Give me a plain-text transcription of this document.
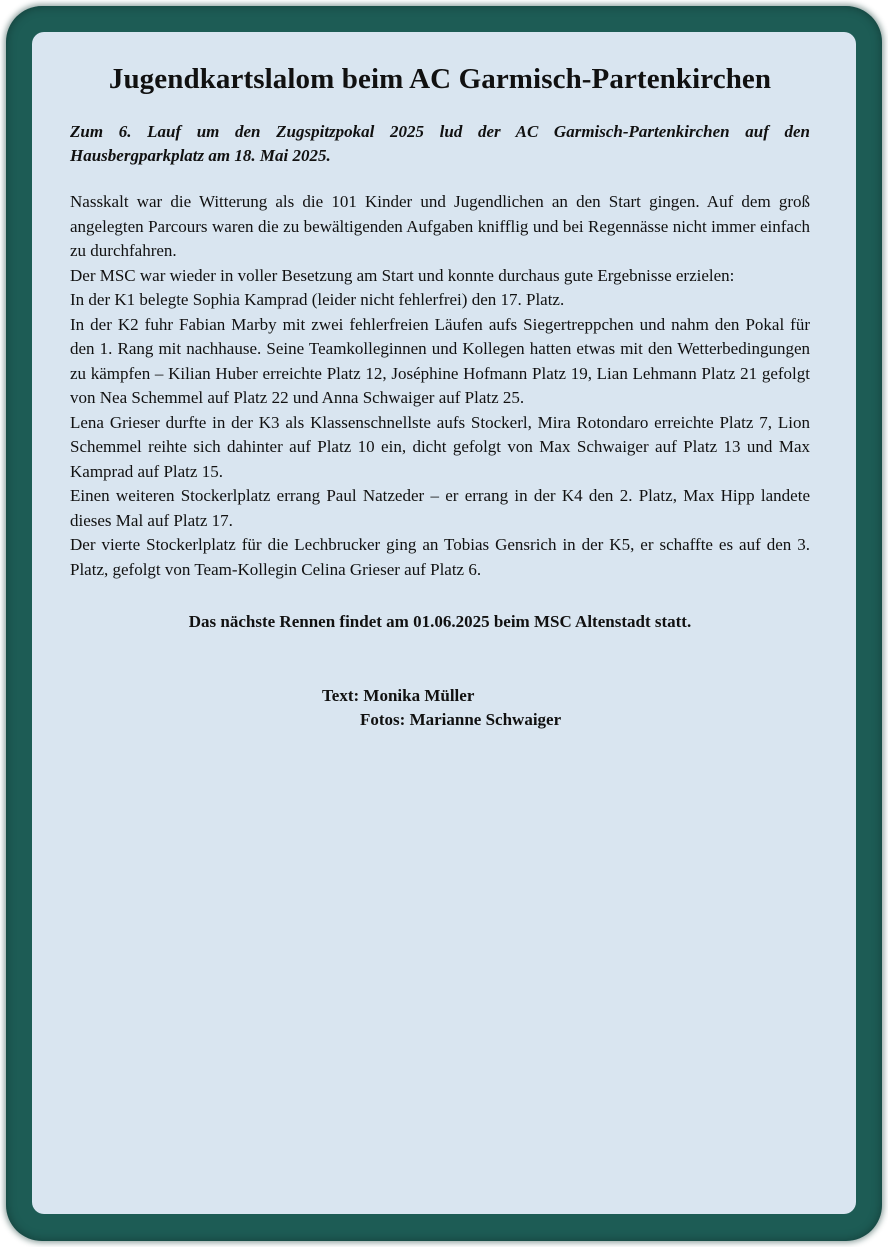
Jugendkartslalom beim AC Garmisch-Partenkirchen

Zum 6. Lauf um den Zugspitzpokal 2025 lud der AC Garmisch-Partenkirchen auf den Hausbergparkplatz am 18. Mai 2025.

Nasskalt war die Witterung als die 101 Kinder und Jugendlichen an den Start gingen. Auf dem groß angelegten Parcours waren die zu bewältigenden Aufgaben knifflig und bei Regennässe nicht immer einfach zu durchfahren.

Der MSC war wieder in voller Besetzung am Start und konnte durchaus gute Ergebnisse erzielen:

In der K1 belegte Sophia Kamprad (leider nicht fehlerfrei) den 17. Platz.

In der K2 fuhr Fabian Marby mit zwei fehlerfreien Läufen aufs Siegertreppchen und nahm den Pokal für den 1. Rang mit nachhause. Seine Teamkolleginnen und Kollegen hatten etwas mit den Wetterbedingungen zu kämpfen – Kilian Huber erreichte Platz 12, Joséphine Hofmann Platz 19, Lian Lehmann Platz 21 gefolgt von Nea Schemmel auf Platz 22 und Anna Schwaiger auf Platz 25.

Lena Grieser durfte in der K3 als Klassenschnellste aufs Stockerl, Mira Rotondaro erreichte Platz 7, Lion Schemmel reihte sich dahinter auf Platz 10 ein, dicht gefolgt von Max Schwaiger auf Platz 13 und Max Kamprad auf Platz 15.

Einen weiteren Stockerlplatz errang Paul Natzeder – er errang in der K4 den 2. Platz, Max Hipp landete dieses Mal auf Platz 17.

Der vierte Stockerlplatz für die Lechbrucker ging an Tobias Gensrich in der K5, er schaffte es auf den 3. Platz, gefolgt von Team-Kollegin Celina Grieser auf Platz 6.

Das nächste Rennen findet am 01.06.2025 beim MSC Altenstadt statt.

Text: Monika Müller
Fotos: Marianne Schwaiger
